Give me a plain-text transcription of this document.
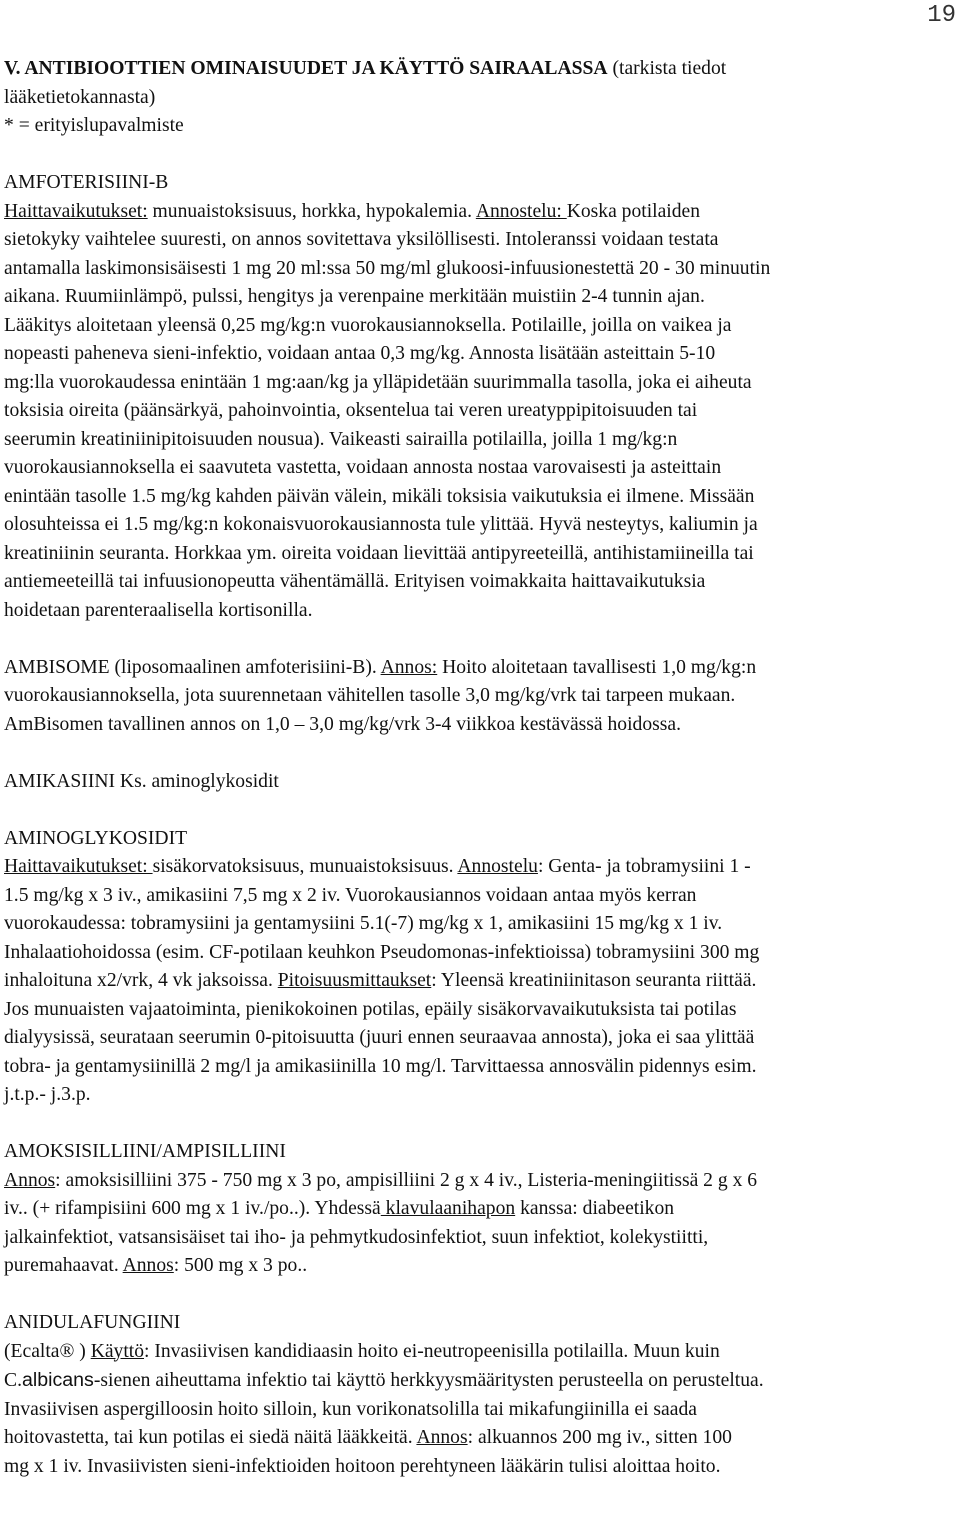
19
V. ANTIBIOOTTIEN OMINAISUUDET JA KÄYTTÖ SAIRAALASSA (tarkista tiedot
lääketietokannasta)
* = erityislupavalmiste
AMFOTERISIINI-B
Haittavaikutukset: munuaistoksisuus, horkka, hypokalemia. Annostelu: Koska potilaiden
sietokyky vaihtelee suuresti, on annos sovitettava yksilöllisesti. Intoleranssi voidaan testata
antamalla laskimonsisäisesti 1 mg 20 ml:ssa 50 mg/ml glukoosi-infuusionestettä 20 - 30 minuutin
aikana. Ruumiinlämpö, pulssi, hengitys ja verenpaine merkitään muistiin 2-4 tunnin ajan.
Lääkitys aloitetaan yleensä 0,25 mg/kg:n vuorokausiannoksella. Potilaille, joilla on vaikea ja
nopeasti paheneva sieni-infektio, voidaan antaa 0,3 mg/kg. Annosta lisätään asteittain 5-10
mg:lla vuorokaudessa enintään 1 mg:aan/kg ja ylläpidetään suurimmalla tasolla, joka ei aiheuta
toksisia oireita (päänsärkyä, pahoinvointia, oksentelua tai veren ureatyppipitoisuuden tai
seerumin kreatiniinipitoisuuden nousua). Vaikeasti sairailla potilailla, joilla 1 mg/kg:n
vuorokausiannoksella ei saavuteta vastetta, voidaan annosta nostaa varovaisesti ja asteittain
enintään tasolle 1.5 mg/kg kahden päivän välein, mikäli toksisia vaikutuksia ei ilmene. Missään
olosuhteissa ei 1.5 mg/kg:n kokonaisvuorokausiannosta tule ylittää. Hyvä nesteytys, kaliumin ja
kreatiniinin seuranta. Horkkaa ym. oireita voidaan lievittää antipyreeteillä, antihistamiineilla tai
antiemeeteillä tai infuusionopeutta vähentämällä. Erityisen voimakkaita haittavaikutuksia
hoidetaan parenteraalisella kortisonilla.
AMBISOME (liposomaalinen amfoterisiini-B). Annos: Hoito aloitetaan tavallisesti 1,0 mg/kg:n
vuorokausiannoksella, jota suurennetaan vähitellen tasolle 3,0 mg/kg/vrk tai tarpeen mukaan.
AmBisomen tavallinen annos on 1,0 – 3,0 mg/kg/vrk 3-4 viikkoa kestävässä hoidossa.
AMIKASIINI Ks. aminoglykosidit
AMINOGLYKOSIDIT
Haittavaikutukset: sisäkorvatoksisuus, munuaistoksisuus. Annostelu: Genta- ja tobramysiini 1 -
1.5 mg/kg x 3 iv., amikasiini 7,5 mg x 2 iv. Vuorokausiannos voidaan antaa myös kerran
vuorokaudessa: tobramysiini ja gentamysiini 5.1(-7) mg/kg x 1, amikasiini 15 mg/kg x 1 iv.
Inhalaatiohoidossa (esim. CF-potilaan keuhkon Pseudomonas-infektioissa) tobramysiini 300 mg
inhaloituna x2/vrk, 4 vk jaksoissa. Pitoisuusmittaukset: Yleensä kreatiniinitason seuranta riittää.
Jos munuaisten vajaatoiminta, pienikokoinen potilas, epäily sisäkorvavaikutuksista tai potilas
dialyysissä, seurataan seerumin 0-pitoisuutta (juuri ennen seuraavaa annosta), joka ei saa ylittää
tobra- ja gentamysiinillä 2 mg/l ja amikasiinilla 10 mg/l. Tarvittaessa annosvälin pidennys esim.
j.t.p.- j.3.p.
AMOKSISILLIINI/AMPISILLIINI
Annos: amoksisilliini 375 - 750 mg x 3 po, ampisilliini 2 g x 4 iv., Listeria-meningiitissä 2 g x 6
iv.. (+ rifampisiini 600 mg x 1 iv./po..). Yhdessä klavulaanihapon kanssa: diabeetikon
jalkainfektiot, vatsansisäiset tai iho- ja pehmytkudosinfektiot, suun infektiot, kolekystiitti,
puremahaavat. Annos: 500 mg x 3 po..
ANIDULAFUNGIINI
(Ecalta® ) Käyttö: Invasiivisen kandidiaasin hoito ei-neutropeenisilla potilailla. Muun kuin
C.albicans-sienen aiheuttama infektio tai käyttö herkkyysmääritysten perusteella on perusteltua.
Invasiivisen aspergilloosin hoito silloin, kun vorikonatsolilla tai mikafungiinilla ei saada
hoitovastetta, tai kun potilas ei siedä näitä lääkkeitä. Annos: alkuannos 200 mg iv., sitten 100
mg x 1 iv. Invasiivisten sieni-infektioiden hoitoon perehtyneen lääkärin tulisi aloittaa hoito.
